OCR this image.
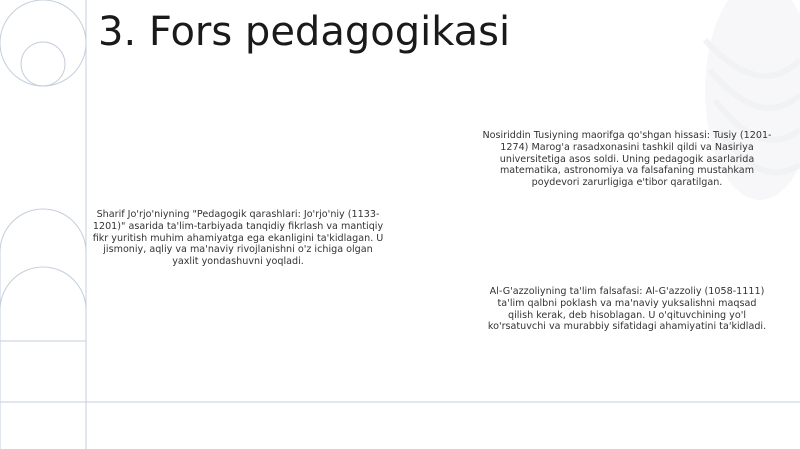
3. Fors pedagogikasi
Nosiriddin Tusiyning maorifga qo'shgan hissasi: Tusiy (1201-1274) Marog'a rasadxonasini tashkil qildi va Nasiriya universitetiga asos soldi. Uning pedagogik asarlarida matematika, astronomiya va falsafaning mustahkam poydevori zarurligiga e'tibor qaratilgan.
Sharif Jo'rjo'niyning "Pedagogik qarashlari: Jo'rjo'niy (1133-1201)" asarida ta'lim-tarbiyada tanqidiy fikrlash va mantiqiy fikr yuritish muhim ahamiyatga ega ekanligini ta'kidlagan. U jismoniy, aqliy va ma'naviy rivojlanishni o'z ichiga olgan yaxlit yondashuvni yoqladi.
Al-G'azzoliyning ta'lim falsafasi: Al-G'azzoliy (1058-1111) ta'lim qalbni poklash va ma'naviy yuksalishni maqsad qilish kerak, deb hisoblagan. U o'qituvchining yo'l ko'rsatuvchi va murabbiy sifatidagi ahamiyatini ta'kidladi.
